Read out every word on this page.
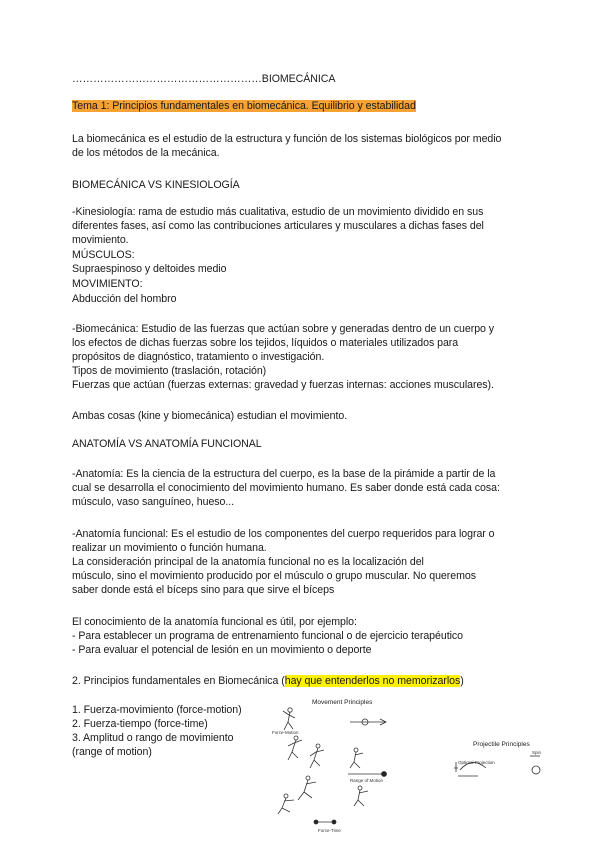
………………………………………………BIOMECÁNICA
Tema 1: Principios fundamentales en biomecánica. Equilibrio y estabilidad
La biomecánica es el estudio de la estructura y función de los sistemas biológicos por medio
de los métodos de la mecánica.
BIOMECÁNICA VS KINESIOLOGÍA
-Kinesiología: rama de estudio más cualitativa, estudio de un movimiento dividido en sus
diferentes fases, así como las contribuciones articulares y musculares a dichas fases del
movimiento.
MÚSCULOS:
Supraespinoso y deltoides medio
MOVIMIENTO:
Abducción del hombro
-Biomecánica: Estudio de las fuerzas que actúan sobre y generadas dentro de un cuerpo y
los efectos de dichas fuerzas sobre los tejidos, líquidos o materiales utilizados para
propósitos de diagnóstico, tratamiento o investigación.
Tipos de movimiento (traslación, rotación)
Fuerzas que actúan (fuerzas externas: gravedad y fuerzas internas: acciones musculares).
Ambas cosas (kine y biomecánica) estudian el movimiento.
ANATOMÍA VS ANATOMÍA FUNCIONAL
-Anatomía: Es la ciencia de la estructura del cuerpo, es la base de la pirámide a partir de la
cual se desarrolla el conocimiento del movimiento humano. Es saber donde está cada cosa:
músculo, vaso sanguíneo, hueso...
-Anatomía funcional: Es el estudio de los componentes del cuerpo requeridos para lograr o
realizar un movimiento o función humana.
La consideración principal de la anatomía funcional no es la localización del
músculo, sino el movimiento producido por el músculo o grupo muscular. No queremos
saber donde está el bíceps sino para que sirve el bíceps
El conocimiento de la anatomía funcional es útil, por ejemplo:
- Para establecer un programa de entrenamiento funcional o de ejercicio terapéutico
- Para evaluar el potencial de lesión en un movimiento o deporte
2. Principios fundamentales en Biomecánica (hay que entenderlos no memorizarlos)
1. Fuerza-movimiento (force-motion)
2. Fuerza-tiempo (force-time)
3. Amplitud o rango de movimiento
(range of motion)
Movement Principles
Projectile Principles
Force-Motion
Force-Time
Range of Motion
Optimal Projection
Spin
